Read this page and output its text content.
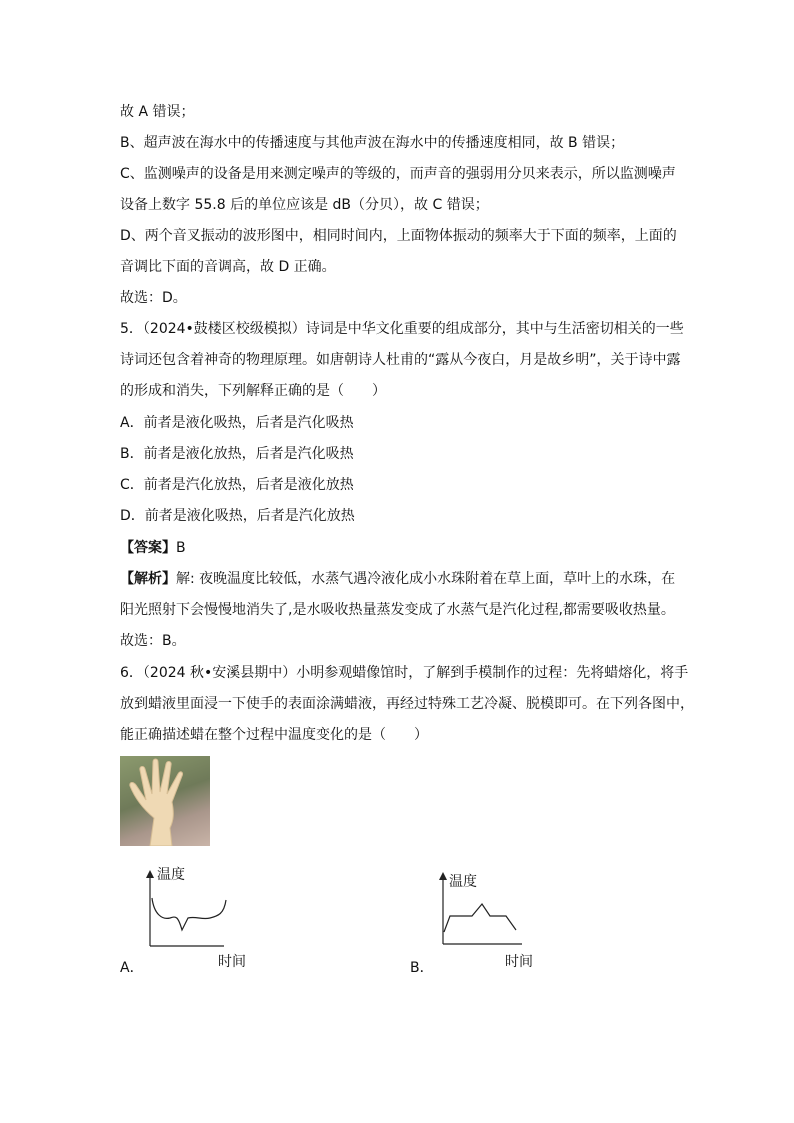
故 A 错误；
B、超声波在海水中的传播速度与其他声波在海水中的传播速度相同，故 B 错误；
C、监测噪声的设备是用来测定噪声的等级的，而声音的强弱用分贝来表示，所以监测噪声
设备上数字 55.8 后的单位应该是 dB（分贝），故 C 错误；
D、两个音叉振动的波形图中，相同时间内，上面物体振动的频率大于下面的频率，上面的
音调比下面的音调高，故 D 正确。
故选：D。
5．（2024•鼓楼区校级模拟）诗词是中华文化重要的组成部分，其中与生活密切相关的一些
诗词还包含着神奇的物理原理。如唐朝诗人杜甫的“露从今夜白，月是故乡明”，关于诗中露
的形成和消失，下列解释正确的是（　　）
A．前者是液化吸热，后者是汽化吸热
B．前者是液化放热，后者是汽化吸热
C．前者是汽化放热，后者是液化放热
D．前者是液化吸热，后者是汽化放热
【答案】B
【解析】解: 夜晚温度比较低，水蒸气遇冷液化成小水珠附着在草上面，草叶上的水珠，在
阳光照射下会慢慢地消失了,是水吸收热量蒸发变成了水蒸气是汽化过程,都需要吸收热量。
故选：B。
6．（2024 秋•安溪县期中）小明参观蜡像馆时，了解到手模制作的过程：先将蜡熔化，将手
放到蜡液里面浸一下使手的表面涂满蜡液，再经过特殊工艺冷凝、脱模即可。在下列各图中，
能正确描述蜡在整个过程中温度变化的是（　　）
温度
时间
A．
温度
时间
B．
